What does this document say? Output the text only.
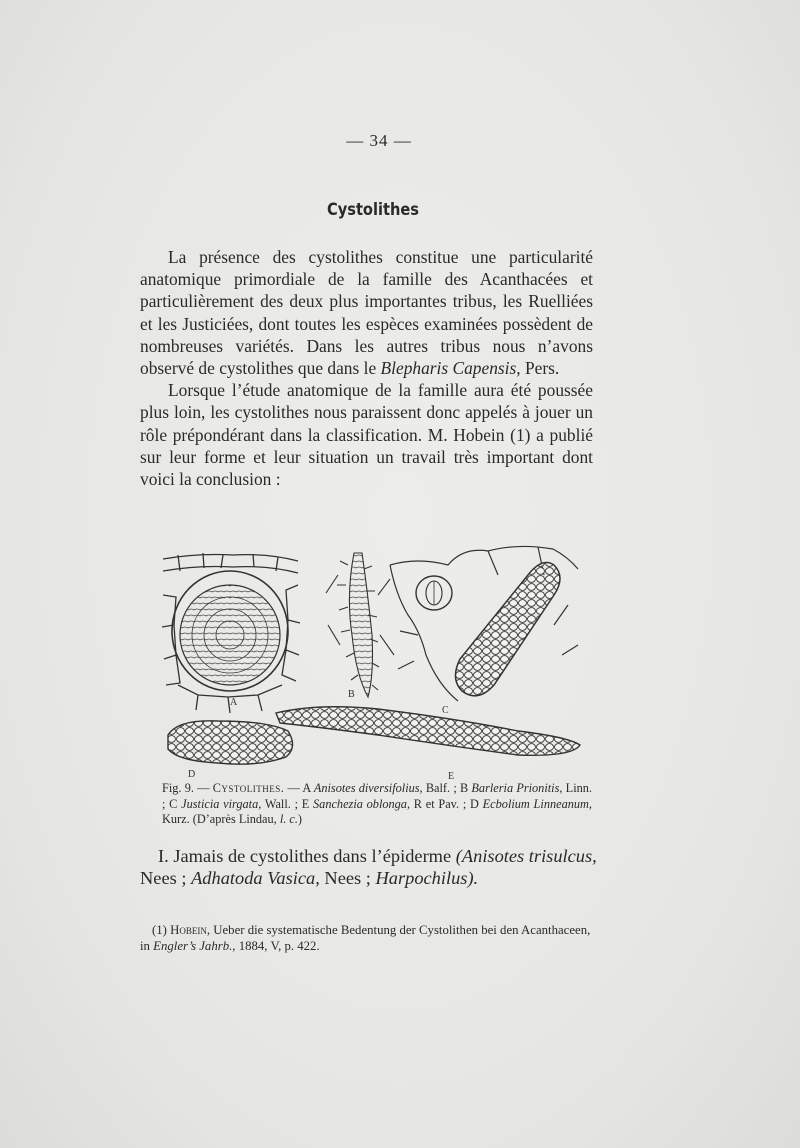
— 34 —
Cystolithes

La présence des cystolithes constitue une particularité anatomique primordiale de la famille des Acanthacées et particulièrement des deux plus importantes tribus, les Ruelliées et les Justiciées, dont toutes les espèces examinées possèdent de nombreuses variétés. Dans les autres tribus nous n’avons observé de cystolithes que dans le Blepharis Capensis, Pers.

Lorsque l’étude anatomique de la famille aura été poussée plus loin, les cystolithes nous paraissent donc appelés à jouer un rôle prépondérant dans la classification. M. Hobein (1) a publié sur leur forme et leur situation un travail très important dont voici la conclusion :

A
B
C
D	E
Fig. 9. — Cystolithes. — A Anisotes diversifolius, Balf. ; B Barleria Prionitis, Linn. ; C Justicia virgata, Wall. ; E Sanchezia oblonga, R et Pav. ; D Ecbolium Linneanum, Kurz. (D’après Lindau, l. c.)

I. Jamais de cystolithes dans l’épiderme (Anisotes trisulcus, Nees ; Adhatoda Vasica, Nees ; Harpochilus).

(1) Hobein, Ueber die systematische Bedentung der Cystolithen bei den Acanthaceen, in Engler’s Jahrb., 1884, V, p. 422.
